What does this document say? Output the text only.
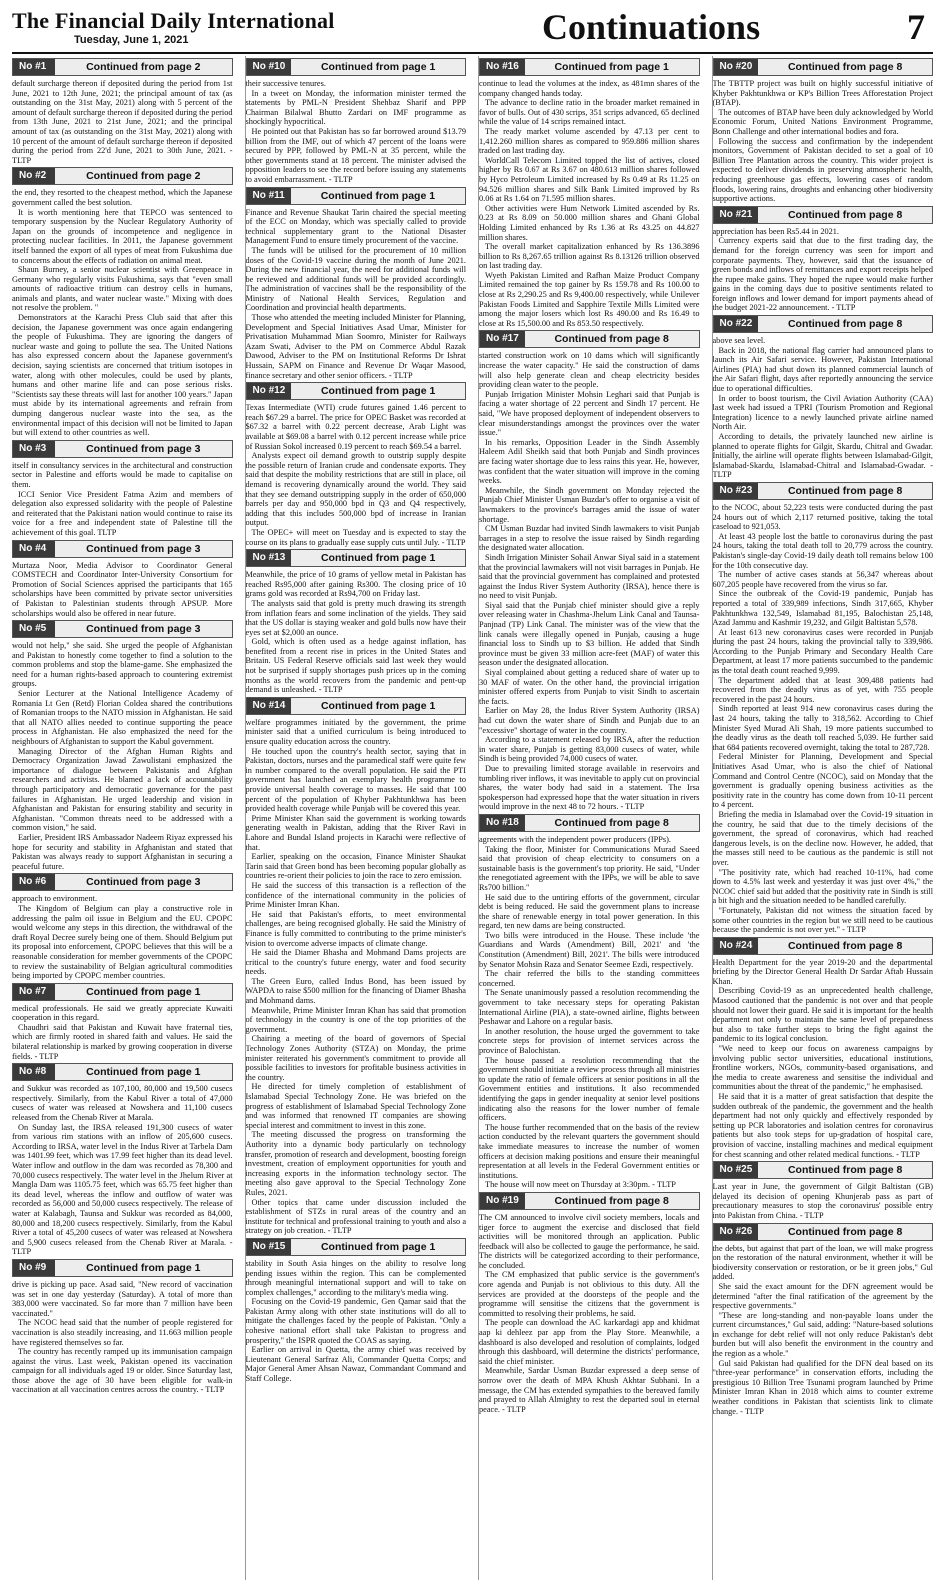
The Financial Daily International
Tuesday, June 1, 2021	Continuations	7
No #1	Continued from page 2

default surcharge thereon if deposited during the period from 1st June, 2021 to 12th June, 2021; the principal amount of tax (as outstanding on the 31st May, 2021) along with 5 percent of the amount of default surcharge thereon if deposited during the period from 13th June, 2021 to 21st June, 2021; and the principal amount of tax (as outstanding on the 31st May, 2021) along with 10 percent of the amount of default surcharge thereon if deposited during the period from 22'd June, 2021 to 30th June, 2021. - TLTP

No #2	Continued from page 2

the end, they resorted to the cheapest method, which the Japanese government called the best solution.

It is worth mentioning here that TEPCO was sentenced to temporary suspension by the Nuclear Regulatory Authority of Japan on the grounds of incompetence and negligence in protecting nuclear facilities. In 2011, the Japanese government itself banned the export of all types of meat from Fukushima due to concerns about the effects of radiation on animal meat.

Shaun Burney, a senior nuclear scientist with Greenpeace in Germany who regularly visits Fukushima, says that "even small amounts of radioactive tritium can destroy cells in humans, animals and plants, and water nuclear waste." Mixing with does not resolve the problem. "

Demonstrators at the Karachi Press Club said that after this decision, the Japanese government was once again endangering the people of Fukushima. They are ignoring the dangers of nuclear waste and going to pollute the sea. The United Nations has also expressed concern about the Japanese government's decision, saying scientists are concerned that tritium isotopes in water, along with other molecules, could be used by plants, humans and other marine life and can pose serious risks. "Scientists say these threats will last for another 100 years." Japan must abide by its international agreements and refrain from dumping dangerous nuclear waste into the sea, as the environmental impact of this decision will not be limited to Japan but will extend to other countries as well.

No #3	Continued from page 3

itself in consultancy services in the architectural and construction sector in Palestine and efforts would be made to capitalise on them.

ICCI Senior Vice President Fatma Azim and members of delegation also expressed solidarity with the people of Palestine and reiterated that the Pakistani nation would continue to raise its voice for a free and independent state of Palestine till the achievement of this goal. TLTP

No #4	Continued from page 3

Murtaza Noor, Media Advisor to Coordinator General COMSTECH and Coordinator Inter-University Consortium for Promotion of Social Sciences apprised the participants that 165 scholarships have been committed by private sector universities of Pakistan to Palestinian students through APSUP. More scholarships would also be offered in near future.

No #5	Continued from page 3

would not help," she said. She urged the people of Afghanistan and Pakistan to honestly come together to find a solution to the common problems and stop the blame-game. She emphasized the need for a human rights-based approach to countering extremist groups.

Senior Lecturer at the National Intelligence Academy of Romania Lt Gen (Retd) Florian Coldea shared the contributions of Romanian troops to the NATO mission in Afghanistan. He said that all NATO allies needed to continue supporting the peace process in Afghanistan. He also emphasized the need for the neighbours of Afghanistan to support the Kabul government.

Managing Director of the Afghan Human Rights and Democracy Organization Jawad Zawulistani emphasized the importance of dialogue between Pakistanis and Afghan researchers and activists. He blamed a lack of accountability through participatory and democratic governance for the past failures in Afghanistan. He urged leadership and vision in Afghanistan and Pakistan for ensuring stability and security in Afghanistan. "Common threats need to be addressed with a common vision," he said.

Earlier, President IRS Ambassador Nadeem Riyaz expressed his hope for security and stability in Afghanistan and stated that Pakistan was always ready to support Afghanistan in securing a peaceful future.

No #6	Continued from page 3

approach to environment.

The Kingdom of Belgium can play a constructive role in addressing the palm oil issue in Belgium and the EU. CPOPC would welcome any steps in this direction, the withdrawal of the draft Royal Decree surely being one of them. Should Belgium put its proposal into enforcement, CPOPC believes that this will be a reasonable consideration for member governments of the CPOPC to review the sustainability of Belgian agricultural commodities being imported by CPOPC member countries.

No #7	Continued from page 1

medical professionals. He said we greatly appreciate Kuwaiti cooperation in this regard.

Chaudhri said that Pakistan and Kuwait have fraternal ties, which are firmly rooted in shared faith and values. He said the bilateral relationship is marked by growing cooperation in diverse fields. - TLTP

No #8	Continued from page 1

and Sukkur was recorded as 107,100, 80,000 and 19,500 cusecs respectively. Similarly, from the Kabul River a total of 47,000 cusecs of water was released at Nowshera and 11,100 cusecs released from the Chenab River at Marala.

On Sunday last, the IRSA released 191,300 cusecs of water from various rim stations with an inflow of 205,600 cusecs. According to IRSA, water level in the Indus River at Tarbela Dam was 1401.99 feet, which was 17.99 feet higher than its dead level. Water inflow and outflow in the dam was recorded as 78,300 and 70,000 cusecs respectively. The water level in the Jhelum River at Mangla Dam was 1105.75 feet, which was 65.75 feet higher than its dead level, whereas the inflow and outflow of water was recorded as 56,000 and 50,000 cusecs respectively. The release of water at Kalabagh, Taunsa and Sukkur was recorded as 84,000, 80,000 and 18,200 cusecs respectively. Similarly, from the Kabul River a total of 45,200 cusecs of water was released at Nowshera and 5,900 cusecs released from the Chenab River at Marala. - TLTP

No #9	Continued from page 1

drive is picking up pace. Asad said, "New record of vaccination was set in one day yesterday (Saturday). A total of more than 383,000 were vaccinated. So far more than 7 million have been vaccinated."

The NCOC head said that the number of people registered for vaccination is also steadily increasing, and 11.663 million people have registered themselves so far.

The country has recently ramped up its immunisation campaign against the virus. Last week, Pakistan opened its vaccination campaign for all individuals aged 19 or older. Since Saturday last, those above the age of 30 have been eligible for walk-in vaccination at all vaccination centres across the country. - TLTP

No #10	Continued from page 1

their successive tenures.

In a tweet on Monday, the information minister termed the statements by PML-N President Shehbaz Sharif and PPP Chairman Bilalwal Bhutto Zardari on IMF programme as shockingly hypocritical.

He pointed out that Pakistan has so far borrowed around $13.79 billion from the IMF, out of which 47 percent of the loans were secured by PPP, followed by PML-N at 35 percent, while the other governments stand at 18 percent. The minister advised the opposition leaders to see the record before issuing any statements to avoid embarrassment. - TLTP

No #11	Continued from page 1

Finance and Revenue Shaukat Tarin chaired the special meeting of the ECC on Monday, which was specially called to provide technical supplementary grant to the National Disaster Management Fund to ensure timely procurement of the vaccine.

The funds will be utilised for the procurement of 10 million doses of the Covid-19 vaccine during the month of June 2021. During the new financial year, the need for additional funds will be reviewed and additional funds will be provided accordingly. The administration of vaccines shall be the responsibility of the Ministry of National Health Services, Regulation and Coordination and provincial health departments.

Those who attended the meeting included Minister for Planning, Development and Special Initiatives Asad Umar, Minister for Privatisation Muhammad Mian Soomro, Minister for Railways Azam Swati, Adviser to the PM on Commerce Abdul Razak Dawood, Adviser to the PM on Institutional Reforms Dr Ishrat Hussain, SAPM on Finance and Revenue Dr Waqar Masood, finance secretary and other senior officers. - TLTP

No #12	Continued from page 1

Texas Intermediate (WTI) crude futures gained 1.46 percent to reach $67.29 a barrel. The price for OPEC Basket was recorded at $67.32 a barrel with 0.22 percent decrease, Arab Light was available at $69.08 a barrel with 0.12 percent increase while price of Russian Sokol increased 0.19 percent to reach $69.54 a barrel.

Analysts expect oil demand growth to outstrip supply despite the possible return of Iranian crude and condensate exports. They said that despite the mobility restrictions that are still in place, oil demand is recovering dynamically around the world. They said that they see demand outstripping supply in the order of 650,000 barrels per day and 950,000 bpd in Q3 and Q4 respectively, adding that this includes 500,000 bpd of increase in Iranian output.

The OPEC+ will meet on Tuesday and is expected to stay the course on its plans to gradually ease supply cuts until July. - TLTP

No #13	Continued from page 1

Meanwhile, the price of 10 grams of yellow metal in Pakistan has reached Rs95,000 after gaining Rs300. The closing price of 10 grams gold was recorded at Rs94,700 on Friday last.

The analysts said that gold is pretty much drawing its strength from inflation fears and some inclination of the yields. They said that the US dollar is staying weaker and gold bulls now have their eyes set at $2,000 an ounce.

Gold, which is often used as a hedge against inflation, has benefited from a recent rise in prices in the United States and Britain. US Federal Reserve officials said last week they would not be surprised if supply shortages push prices up in the coming months as the world recovers from the pandemic and pent-up demand is unleashed. - TLTP

No #14	Continued from page 1

welfare programmes initiated by the government, the prime minister said that a unified curriculum is being introduced to ensure quality education across the country.

He touched upon the country's health sector, saying that in Pakistan, doctors, nurses and the paramedical staff were quite few in number compared to the overall population. He said the PTI government has launched an exemplary health programme to provide universal health coverage to masses. He said that 100 percent of the population of Khyber Pakhtunkhwa has been provided health coverage while Punjab will be covered this year.

Prime Minister Khan said the government is working towards generating wealth in Pakistan, adding that the River Ravi in Lahore and Bundal Island projects in Karachi were reflective of that.

Earlier, speaking on the occasion, Finance Minister Shaukat Tarin said that Green bond has been becoming popular globally as countries re-orient their policies to join the race to zero emission.

He said the success of this transaction is a reflection of the confidence of the international community in the policies of Prime Minister Imran Khan.

He said that Pakistan's efforts, to meet environmental challenges, are being recognised globally. He said the Ministry of Finance is fully committed to contributing to the prime minister's vision to overcome adverse impacts of climate change.

He said the Diamer Bhasha and Mohmand Dams projects are critical to the country's future energy, water and food security needs.

The Green Euro, called Indus Bond, has been issued by WAPDA to raise $500 million for the financing of Diamer Bhasha and Mohmand dams.

Meanwhile, Prime Minister Imran Khan has said that promotion of technology in the country is one of the top priorities of the government.

Chairing a meeting of the board of governors of Special Technology Zones Authority (STZA) on Monday, the prime minister reiterated his government's commitment to provide all possible facilities to investors for profitable business activities in the country.

He directed for timely completion of establishment of Islamabad Special Technology Zone. He was briefed on the progress of establishment of Islamabad Special Technology Zone and was informed that renowned IT companies are showing special interest and commitment to invest in this zone.

The meeting discussed the progress on transforming the Authority into a dynamic body particularly on technology transfer, promotion of research and development, boosting foreign investment, creation of employment opportunities for youth and increasing exports in the information technology sector. The meeting also gave approval to the Special Technology Zone Rules, 2021.

Other topics that came under discussion included the establishment of STZs in rural areas of the country and an institute for technical and professional training to youth and also a strategy on job creation. - TLTP

No #15	Continued from page 1

stability in South Asia hinges on the ability to resolve long pending issues within the region. This can be complemented through meaningful international support and will to take on complex challenges," according to the military's media wing.

Focusing on the Covid-19 pandemic, Gen Qamar said that the Pakistan Army along with other state institutions will do all to mitigate the challenges faced by the people of Pakistan. "Only a cohesive national effort shall take Pakistan to progress and prosperity," the ISPR quoted the COAS as saying.

Earlier on arrival in Quetta, the army chief was received by Lieutenant General Sarfraz Ali, Commander Quetta Corps; and Major General Amer Ahsan Nawaz, Commandant Command and Staff College.

No #16	Continued from page 1

continue to lead the volumes at the index, as 481mn shares of the company changed hands today.

The advance to decline ratio in the broader market remained in favor of bulls. Out of 430 scrips, 351 scrips advanced, 65 declined while the value of 14 scrips remained intact.

The ready market volume ascended by 47.13 per cent to 1,412.260 million shares as compared to 959.886 million shares traded on last trading day.

WorldCall Telecom Limited topped the list of actives, closed higher by Rs 0.67 at Rs 3.67 on 480.613 million shares followed by Hyco Petroleum Limited increased by Rs 0.49 at Rs 11.25 on 94.526 million shares and Silk Bank Limited improved by Rs 0.06 at Rs 1.64 on 71.595 million shares.

Other activities were Hum Network Limited ascended by Rs. 0.23 at Rs 8.09 on 50.000 million shares and Ghani Global Holding Limited enhanced by Rs 1.36 at Rs 43.25 on 44.827 million shares.

The overall market capitalization enhanced by Rs 136.3896 billion to Rs 8,267.65 trillion against Rs 8.13126 trillion observed on last trading day.

Wyeth Pakistan Limited and Rafhan Maize Product Company Limited remained the top gainer by Rs 159.78 and Rs 100.00 to close at Rs 2,290.25 and Rs 9,400.00 respectively, while Unilever Pakistan Foods Limited and Sapphire Textile Mills Limited were among the major losers which lost Rs 490.00 and Rs 16.49 to close at Rs 15,500.00 and Rs 853.50 respectively.

No #17	Continued from page 8

started construction work on 10 dams which will significantly increase the water capacity." He said the construction of dams will also help generate clean and cheap electricity besides providing clean water to the people.

Punjab Irrigation Minister Mohsin Leghari said that Punjab is facing a water shortage of 22 percent and Sindh 17 percent. He said, "We have proposed deployment of independent observers to clear misunderstandings amongst the provinces over the water issue."

In his remarks, Opposition Leader in the Sindh Assembly Haleem Adil Sheikh said that both Punjab and Sindh provinces are facing water shortage due to less rains this year. He, however, was confident that the water situation will improve in the coming weeks.

Meanwhile, the Sindh government on Monday rejected the Punjab Chief Minister Usman Buzdar's offer to organise a visit of lawmakers to the province's barrages amid the issue of water shortage.

CM Usman Buzdar had invited Sindh lawmakers to visit Punjab barrages in a step to resolve the issue raised by Sindh regarding the designated water allocation.

Sindh Irrigation Minister Sohail Anwar Siyal said in a statement that the provincial lawmakers will not visit barrages in Punjab. He said that the provincial government has complained and protested against the Indus River System Authority (IRSA), hence there is no need to visit Punjab.

Siyal said that the Punjab chief minister should give a reply over releasing water in Chashma-Jhelum Link Canal and Taunsa-Panjnad (TP) Link Canal. The minister was of the view that the link canals were illegally opened in Punjab, causing a huge financial loss to Sindh up to $3 billion. He added that Sindh province must be given 33 million acre-feet (MAF) of water this season under the designated allocation.

Siyal complained about getting a reduced share of water up to 30 MAF of water. On the other hand, the provincial irrigation minister offered experts from Punjab to visit Sindh to ascertain the facts.

Earlier on May 28, the Indus River System Authority (IRSA) had cut down the water share of Sindh and Punjab due to an "excessive" shortage of water in the country.

According to a statement released by IRSA, after the reduction in water share, Punjab is getting 83,000 cusecs of water, while Sindh is being provided 74,000 cusecs of water.

Due to prevailing limited storage available in reservoirs and tumbling river inflows, it was inevitable to apply cut on provincial shares, the water body had said in a statement. The Irsa spokesperson had expressed hope that the water situation in rivers would improve in the next 48 to 72 hours. - TLTP

No #18	Continued from page 8

agreements with the independent power producers (IPPs).

Taking the floor, Minister for Communications Murad Saeed said that provision of cheap electricity to consumers on a sustainable basis is the government's top priority. He said, "Under the renegotiated agreement with the IPPs, we will be able to save Rs700 billion."

He said due to the untiring efforts of the government, circular debt is being reduced. He said the government plans to increase the share of renewable energy in total power generation. In this regard, ten new dams are being constructed.

Two bills were introduced in the House. These include 'the Guardians and Wards (Amendment) Bill, 2021' and 'the Constitution (Amendment) Bill, 2021'. The bills were introduced by Senator Mohsin Raza and Senator Seemee Ezdi, respectively.

The chair referred the bills to the standing committees concerned.

The Senate unanimously passed a resolution recommending the government to take necessary steps for operating Pakistan International Airline (PIA), a state-owned airline, flights between Peshawar and Lahore on a regular basis.

In another resolution, the house urged the government to take concrete steps for provision of internet services across the province of Balochistan.

The house passed a resolution recommending that the government should initiate a review process through all ministries to update the ratio of female officers at senior positions in all the Government entities and institutions. It also recommended identifying the gaps in gender inequality at senior level positions indicating also the reasons for the lower number of female officers.

The house further recommended that on the basis of the review action conducted by the relevant quarters the government should take immediate measures to increase the number of women officers at decision making positions and ensure their meaningful representation at all levels in the Federal Government entities or institutions.

The house will now meet on Thursday at 3:30pm. - TLTP

No #19	Continued from page 8

The CM announced to involve civil society members, locals and tiger force to augment the exercise and disclosed that field activities will be monitored through an application. Public feedback will also be collected to gauge the performance, he said. The districts will be categorized according to their performance, he concluded.

The CM emphasized that public service is the government's core agenda and Punjab is not oblivious to this duty. All the services are provided at the doorsteps of the people and the programme will sensitise the citizens that the government is committed to resolving their problems, he said.

The people can download the AC karkardagi app and khidmat aap ki dehleez par app from the Play Store. Meanwhile, a dashboard is also developed and resolution of complaints, lodged through this dashboard, will determine the districts' performance, said the chief minister.

Meanwhile, Sardar Usman Buzdar expressed a deep sense of sorrow over the death of MPA Khush Akhtar Subhani. In a message, the CM has extended sympathies to the bereaved family and prayed to Allah Almighty to rest the departed soul in eternal peace. - TLTP

No #20	Continued from page 8

The TBTTP project was built on highly successful initiative of Khyber Pakhtunkhwa or KP's Billion Trees Afforestation Project (BTAP).

The outcomes of BTAP have been duly acknowledged by World Economic Forum, United Nations Environment Programme, Bonn Challenge and other international bodies and fora.

Following the success and confirmation by the independent monitors, Government of Pakistan decided to set a goal of 10 Billion Tree Plantation across the country. This wider project is expected to deliver dividends in preserving atmospheric health, reducing greenhouse gas effects, lowering cases of random floods, lowering rains, droughts and enhancing other biodiversity supportive actions.

No #21	Continued from page 8

appreciation has been Rs5.44 in 2021.

Currency experts said that due to the first trading day, the demand for the foreign currency was seen for import and corporate payments. They, however, said that the issuance of green bonds and inflows of remittances and export receipts helped the rupee make gains. They hoped the rupee would make further gains in the coming days due to positive sentiments related to foreign inflows and lower demand for import payments ahead of the budget 2021-22 announcement. - TLTP

No #22	Continued from page 8

above sea level.

Back in 2018, the national flag carrier had announced plans to launch its Air Safari service. However, Pakistan International Airlines (PIA) had shut down its planned commercial launch of the Air Safari flight, days after reportedly announcing the service due to operational difficulties.

In order to boost tourism, the Civil Aviation Authority (CAA) last week had issued a TPRI (Tourism Promotion and Regional Integration) licence to a newly launched private airline named North Air.

According to details, the privately launched new airline is planned to operate flights for Gilgit, Skardu, Chitral and Gwadar. Initially, the airline will operate flights between Islamabad-Gilgit, Islamabad-Skardu, Islamabad-Chitral and Islamabad-Gwadar. - TLTP

No #23	Continued from page 8

to the NCOC, about 52,223 tests were conducted during the past 24 hours out of which 2,117 returned positive, taking the total caseload to 921,053.

At least 43 people lost the battle to coronavirus during the past 24 hours, taking the total death toll to 20,779 across the country. Pakistan's single-day Covid-19 daily death toll remains below 100 for the 10th consecutive day.

The number of active cases stands at 56,347 whereas about 607,205 people have recovered from the virus so far.

Since the outbreak of the Covid-19 pandemic, Punjab has reported a total of 339,989 infections, Sindh 317,665, Khyber Pakhtunkhwa 132,549, Islamabad 81,195, Balochistan 25,148, Azad Jammu and Kashmir 19,232, and Gilgit Baltistan 5,578.

At least 613 new coronavirus cases were recorded in Punjab during the past 24 hours, taking the provincial tally to 339,986. According to the Punjab Primary and Secondary Health Care Department, at least 17 more patients succumbed to the pandemic as the total death count reached 9,999.

The department added that at least 309,488 patients had recovered from the deadly virus as of yet, with 755 people recovered in the past 24 hours.

Sindh reported at least 914 new coronavirus cases during the last 24 hours, taking the tally to 318,562. According to Chief Minister Syed Murad Ali Shah, 19 more patients succumbed to the deadly virus as the death toll reached 5,039. He further said that 684 patients recovered overnight, taking the total to 287,728.

Federal Minister for Planning, Development and Special Initiatives Asad Umar, who is also the chief of National Command and Control Centre (NCOC), said on Monday that the government is gradually opening business activities as the positivity rate in the country has come down from 10-11 percent to 4 percent.

Briefing the media in Islamabad over the Covid-19 situation in the country, he said that due to the timely decisions of the government, the spread of coronavirus, which had reached dangerous levels, is on the decline now. However, he added, that the masses still need to be cautious as the pandemic is still not over.

"The positivity rate, which had reached 10-11%, had come down to 4.5% last week and yesterday it was just over 4%," the NCOC chief said but added that the positivity rate in Sindh is still a bit high and the situation needed to be handled carefully.

"Fortunately, Pakistan did not witness the situation faced by some other countries in the region but we still need to be cautious because the pandemic is not over yet." - TLTP

No #24	Continued from page 8

Health Department for the year 2019-20 and the departmental briefing by the Director General Health Dr Sardar Aftab Hussain Khan.

Describing Covid-19 as an unprecedented health challenge, Masood cautioned that the pandemic is not over and that people should not lower their guard. He said it is important for the health department not only to maintain the same level of preparedness but also to take further steps to bring the fight against the pandemic to its logical conclusion.

"We need to keep our focus on awareness campaigns by involving public sector universities, educational institutions, frontline workers, NGOs, community-based organisations, and the media to create awareness and sensitise the individual and communities about the threat of the pandemic," he emphasised.

He said that it is a matter of great satisfaction that despite the sudden outbreak of the pandemic, the government and the health department had not only quickly and effectively responded by setting up PCR laboratories and isolation centres for coronavirus patients but also took steps for up-gradation of hospital care, provision of vaccine, installing machines and medical equipment for chest scanning and other related medical functions. - TLTP

No #25	Continued from page 8

Last year in June, the government of Gilgit Baltistan (GB) delayed its decision of opening Khunjerab pass as part of precautionary measures to stop the coronavirus' possible entry into Pakistan from China. - TLTP

No #26	Continued from page 8

the debts, but against that part of the loan, we will make progress on the restoration of the natural environment, whether it will be biodiversity conservation or restoration, or be it green jobs," Gul added.

She said the exact amount for the DFN agreement would be determined "after the final ratification of the agreement by the respective governments."

"These are long-standing and non-payable loans under the current circumstances," Gul said, adding: "Nature-based solutions in exchange for debt relief will not only reduce Pakistan's debt burden but will also benefit the environment in the country and the region as a whole."

Gul said Pakistan had qualified for the DFN deal based on its "three-year performance" in conservation efforts, including the prestigious 10 Billion Tree Tsunami program launched by Prime Minister Imran Khan in 2018 which aims to counter extreme weather conditions in Pakistan that scientists link to climate change. - TLTP
